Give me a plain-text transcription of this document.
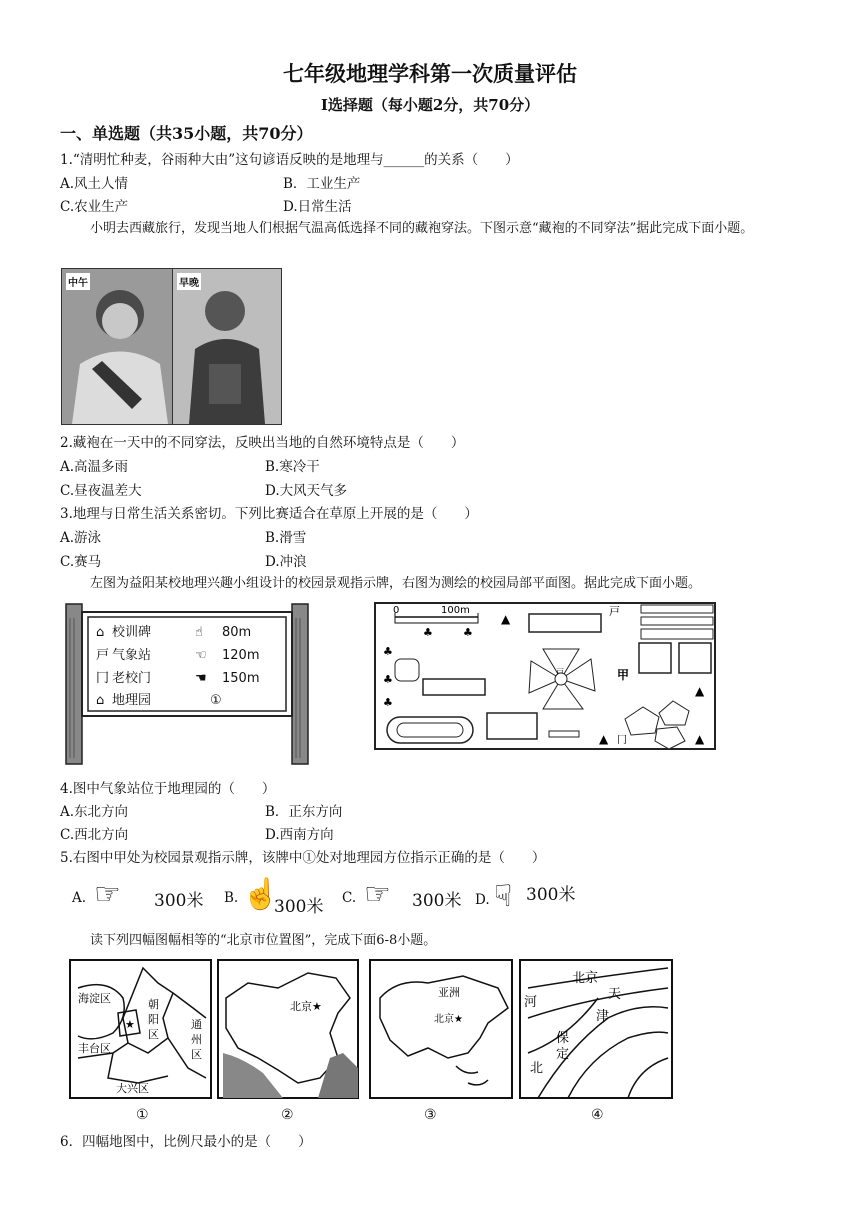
七年级地理学科第一次质量评估
I选择题（每小题2分，共70分）
一、单选题（共35小题，共70分）
1.“清明忙种麦，谷雨种大由”这句谚语反映的是地理与______的关系（　　）
A.风土人情	B．工业生产
C.农业生产	D.日常生活
小明去西藏旅行，发现当地人们根据气温高低选择不同的藏袍穿法。下图示意“藏袍的不同穿法”据此完成下面小题。
中午	早晚
2.藏袍在一天中的不同穿法，反映出当地的自然环境特点是（　　）
A.高温多雨	B.寒冷干
C.昼夜温差大	D.大风天气多
3.地理与日常生活关系密切。下列比赛适合在草原上开展的是（　　）
A.游泳	B.滑雪
C.赛马	D.冲浪
左图为益阳某校地理兴趣小组设计的校园景观指示牌，右图为测绘的校园局部平面图。据此完成下面小题。
⌂ 校训碑	☝ 80m
戸 气象站	☜ 120m
冂 老校门	☚ 150m
⌂ 地理园	①
0	100m
♣	♣
▲
戸
♣
♣
♣
戸	甲
▲ 冂
▲
▲
4.图中气象站位于地理园的（　　）
A.东北方向	B．正东方向
C.西北方向	D.西南方向
5.右图中甲处为校园景观指示牌，该牌中①处对地理园方位指示正确的是（　　）
A. ☞ 300米 B. ☝
300米 C. ☞ 300米 D. ☟ 300米
读下列四幅图幅相等的“北京市位置图”，完成下面6-8小题。
海淀区	朝
阳
区
★	通
州
区
丰台区
大兴区
北京★
亚洲
北京★
北京
天
津
河
保
定
北
①	②	③	④
6．四幅地图中，比例尺最小的是（　　）
